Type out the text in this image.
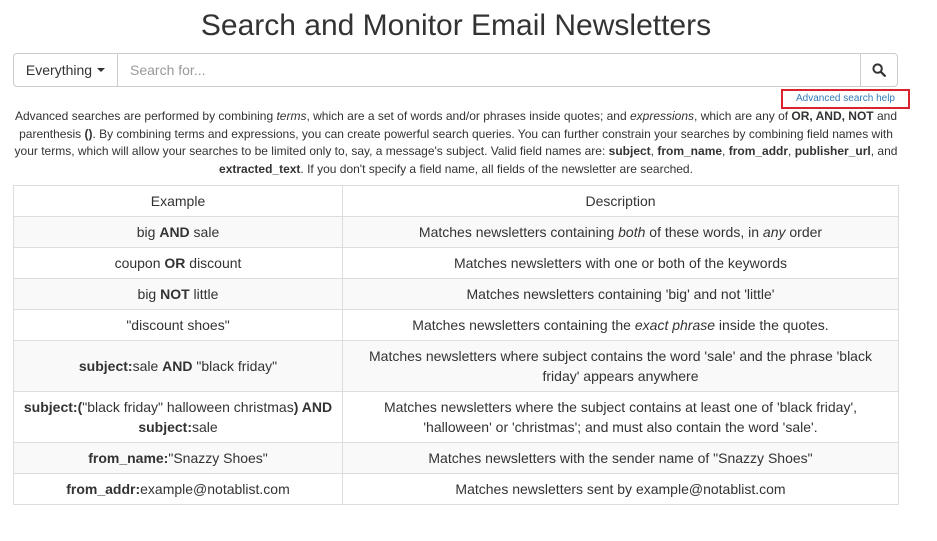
Search and Monitor Email Newsletters
Everything
Search for...
Advanced search help

Advanced searches are performed by combining terms, which are a set of words and/or phrases inside quotes; and expressions, which are any of OR, AND, NOT and parenthesis (). By combining terms and expressions, you can create powerful search queries. You can further constrain your searches by combining field names with your terms, which will allow your searches to be limited only to, say, a message's subject. Valid field names are: subject, from_name, from_addr, publisher_url, and extracted_text. If you don't specify a field name, all fields of the newsletter are searched.

Example	Description
big AND sale	Matches newsletters containing both of these words, in any order
coupon OR discount	Matches newsletters with one or both of the keywords
big NOT little	Matches newsletters containing 'big' and not 'little'
"discount shoes"	Matches newsletters containing the exact phrase inside the quotes.
subject:sale AND "black friday"	Matches newsletters where subject contains the word 'sale' and the phrase 'black friday' appears anywhere
subject:("black friday" halloween christmas) AND
subject:sale	Matches newsletters where the subject contains at least one of 'black friday', 'halloween' or 'christmas'; and must also contain the word 'sale'.
from_name:"Snazzy Shoes"	Matches newsletters with the sender name of "Snazzy Shoes"
from_addr:example@notablist.com	Matches newsletters sent by example@notablist.com
